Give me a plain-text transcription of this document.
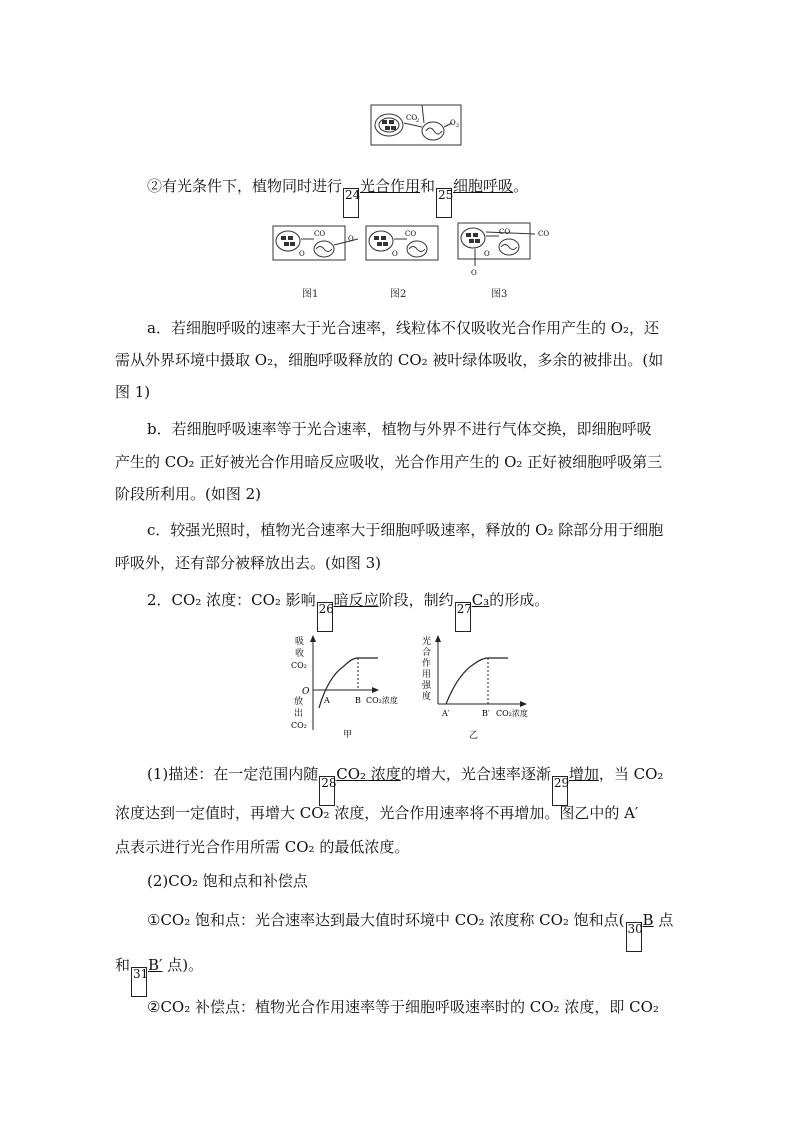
CO
2	O 2
②有光条件下，植物同时进行 24光合作用和 25细胞呼吸。
CO
O
O
CO
O
CO	CO
O
O
图1	图2	图3
a．若细胞呼吸的速率大于光合速率，线粒体不仅吸收光合作用产生的 O₂，还
需从外界环境中摄取 O₂，细胞呼吸释放的 CO₂ 被叶绿体吸收，多余的被排出。(如
图 1)
b．若细胞呼吸速率等于光合速率，植物与外界不进行气体交换，即细胞呼吸
产生的 CO₂ 正好被光合作用暗反应吸收，光合作用产生的 O₂ 正好被细胞呼吸第三
阶段所利用。(如图 2)
c．较强光照时，植物光合速率大于细胞呼吸速率，释放的 O₂ 除部分用于细胞
呼吸外，还有部分被释放出去。(如图 3)
2．CO₂ 浓度：CO₂ 影响 26暗反应阶段，制约 27C₃的形成。
吸
收
CO₂
O
放
出
CO₂
A	B CO₂浓度
甲
光
合
作
用
强
度
A′	B′ CO₂浓度
乙
(1)描述：在一定范围内随 28CO₂ 浓度的增大，光合速率逐渐 29增加，当 CO₂
浓度达到一定值时，再增大 CO₂ 浓度，光合作用速率将不再增加。图乙中的 A′
点表示进行光合作用所需 CO₂ 的最低浓度。
(2)CO₂ 饱和点和补偿点
①CO₂ 饱和点：光合速率达到最大值时环境中 CO₂ 浓度称 CO₂ 饱和点( 30B 点
和 31B′ 点)。
②CO₂ 补偿点：植物光合作用速率等于细胞呼吸速率时的 CO₂ 浓度，即 CO₂
